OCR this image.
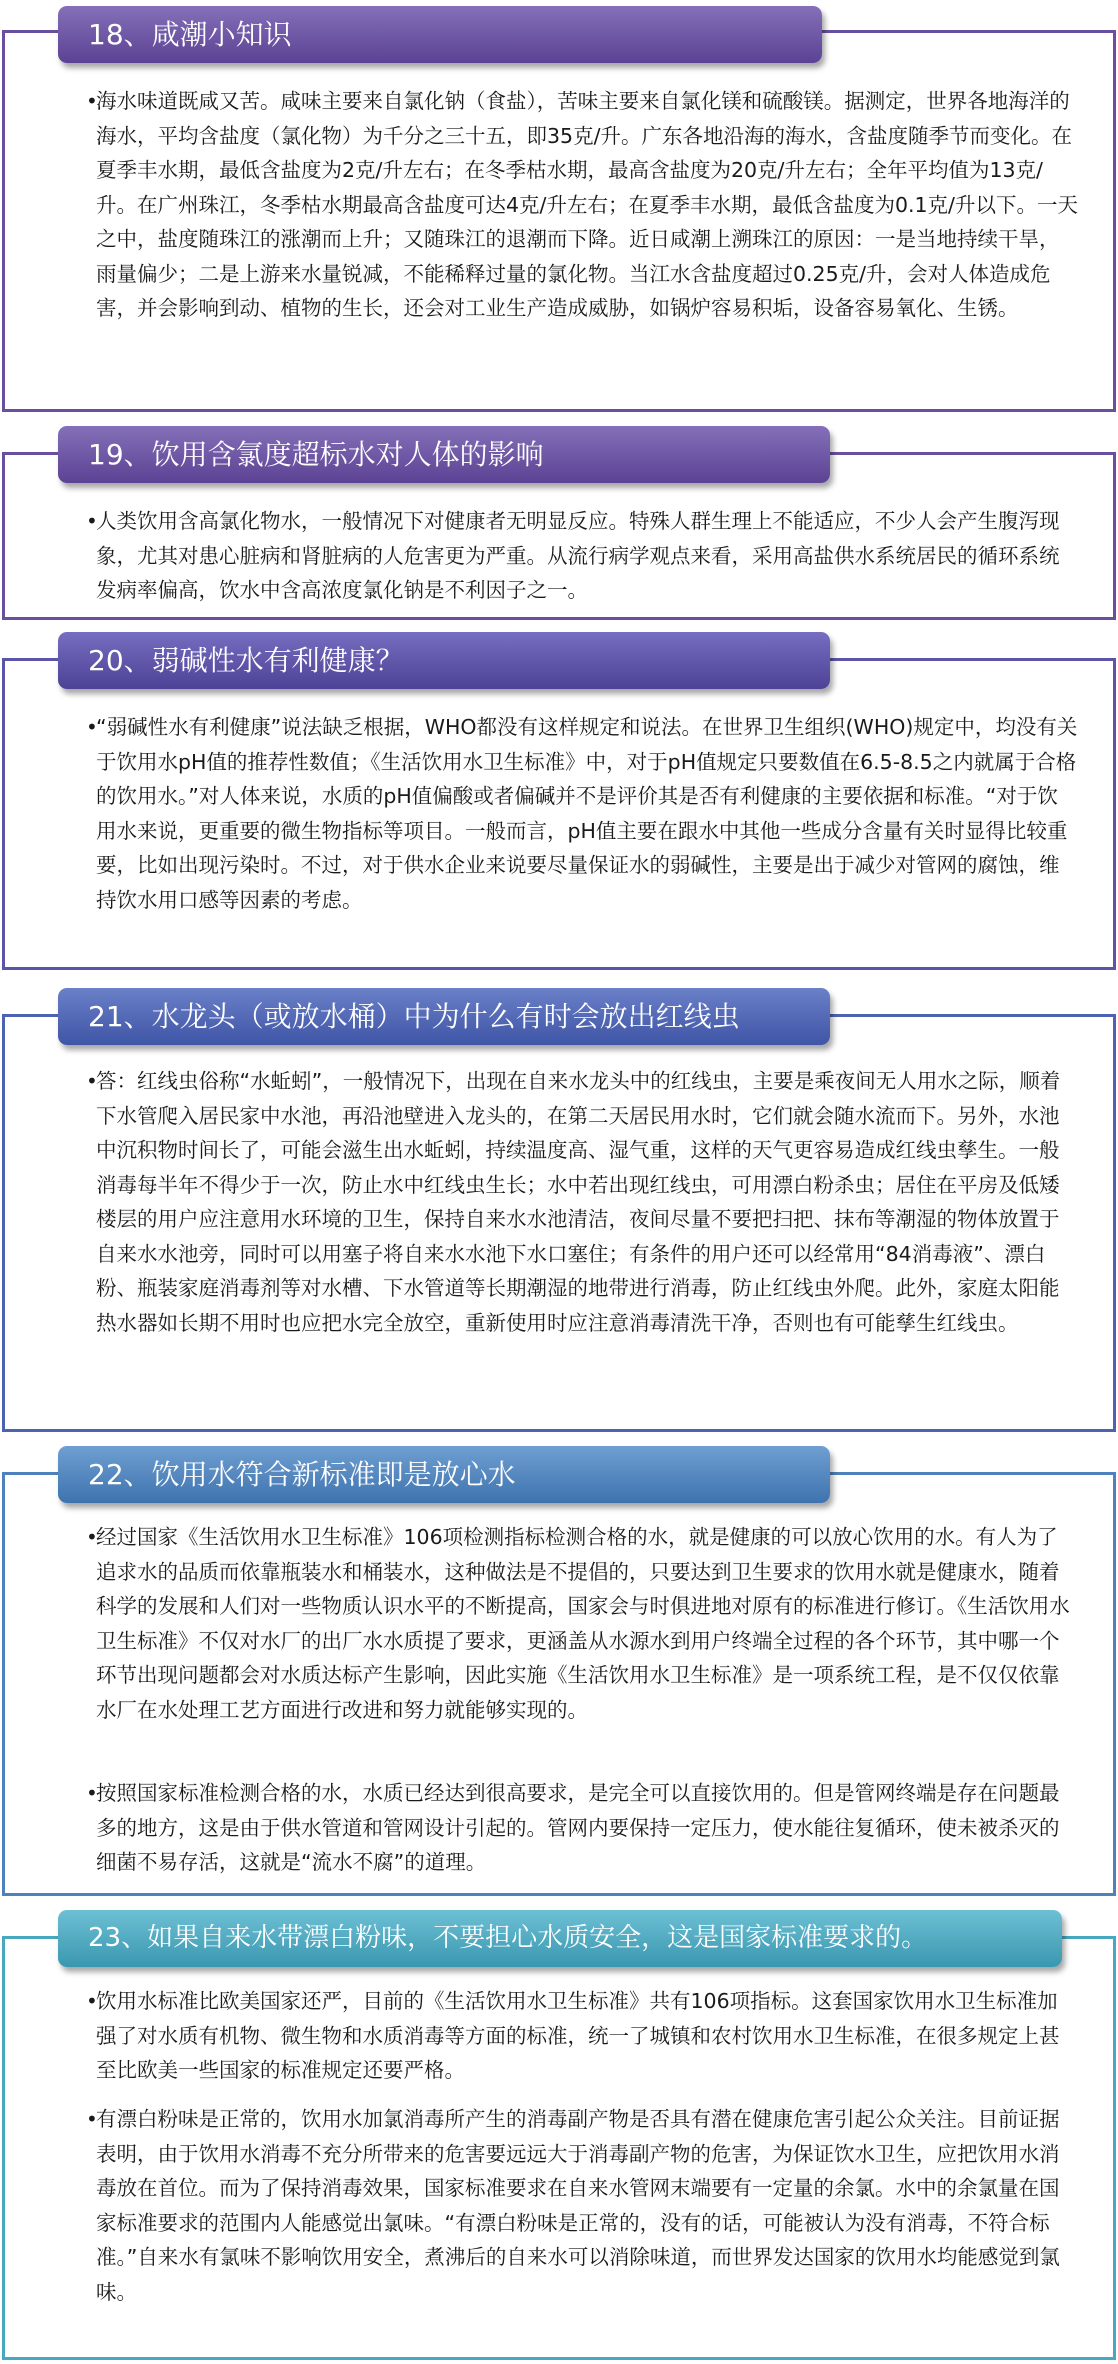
18、咸潮小知识

•
海水味道既咸又苦。咸味主要来自氯化钠（食盐），苦味主要来自氯化镁和硫酸镁。据测定，世界各地海洋的海水，平均含盐度（氯化物）为千分之三十五，即35克/升。广东各地沿海的海水，含盐度随季节而变化。在夏季丰水期，最低含盐度为2克/升左右；在冬季枯水期，最高含盐度为20克/升左右；全年平均值为13克/升。在广州珠江，冬季枯水期最高含盐度可达4克/升左右；在夏季丰水期，最低含盐度为0.1克/升以下。一天之中，盐度随珠江的涨潮而上升；又随珠江的退潮而下降。近日咸潮上溯珠江的原因：一是当地持续干旱，雨量偏少；二是上游来水量锐减，不能稀释过量的氯化物。当江水含盐度超过0.25克/升，会对人体造成危害，并会影响到动、植物的生长，还会对工业生产造成威胁，如锅炉容易积垢，设备容易氧化、生锈。

19、饮用含氯度超标水对人体的影响

•
人类饮用含高氯化物水，一般情况下对健康者无明显反应。特殊人群生理上不能适应，不少人会产生腹泻现象，尤其对患心脏病和肾脏病的人危害更为严重。从流行病学观点来看，采用高盐供水系统居民的循环系统发病率偏高，饮水中含高浓度氯化钠是不利因子之一。

20、弱碱性水有利健康？

•
“弱碱性水有利健康”说法缺乏根据，WHO都没有这样规定和说法。在世界卫生组织(WHO)规定中，均没有关于饮用水pH值的推荐性数值；《生活饮用水卫生标准》中，对于pH值规定只要数值在6.5-8.5之内就属于合格的饮用水。”对人体来说，水质的pH值偏酸或者偏碱并不是评价其是否有利健康的主要依据和标准。“对于饮用水来说，更重要的微生物指标等项目。一般而言，pH值主要在跟水中其他一些成分含量有关时显得比较重要，比如出现污染时。不过，对于供水企业来说要尽量保证水的弱碱性，主要是出于减少对管网的腐蚀，维持饮水用口感等因素的考虑。

21、水龙头（或放水桶）中为什么有时会放出红线虫

•
答：红线虫俗称“水蚯蚓”，一般情况下，出现在自来水龙头中的红线虫，主要是乘夜间无人用水之际，顺着下水管爬入居民家中水池，再沿池壁进入龙头的，在第二天居民用水时，它们就会随水流而下。另外，水池中沉积物时间长了，可能会滋生出水蚯蚓，持续温度高、湿气重，这样的天气更容易造成红线虫孳生。一般消毒每半年不得少于一次，防止水中红线虫生长；水中若出现红线虫，可用漂白粉杀虫；居住在平房及低矮楼层的用户应注意用水环境的卫生，保持自来水水池清洁，夜间尽量不要把扫把、抹布等潮湿的物体放置于自来水水池旁，同时可以用塞子将自来水水池下水口塞住；有条件的用户还可以经常用“84消毒液”、漂白粉、瓶装家庭消毒剂等对水槽、下水管道等长期潮湿的地带进行消毒，防止红线虫外爬。此外，家庭太阳能热水器如长期不用时也应把水完全放空，重新使用时应注意消毒清洗干净，否则也有可能孳生红线虫。

22、饮用水符合新标准即是放心水

•
经过国家《生活饮用水卫生标准》106项检测指标检测合格的水，就是健康的可以放心饮用的水。有人为了追求水的品质而依靠瓶装水和桶装水，这种做法是不提倡的，只要达到卫生要求的饮用水就是健康水，随着科学的发展和人们对一些物质认识水平的不断提高，国家会与时俱进地对原有的标准进行修订。《生活饮用水卫生标准》不仅对水厂的出厂水水质提了要求，更涵盖从水源水到用户终端全过程的各个环节，其中哪一个环节出现问题都会对水质达标产生影响，因此实施《生活饮用水卫生标准》是一项系统工程，是不仅仅依靠水厂在水处理工艺方面进行改进和努力就能够实现的。

•
按照国家标准检测合格的水，水质已经达到很高要求，是完全可以直接饮用的。但是管网终端是存在问题最多的地方，这是由于供水管道和管网设计引起的。管网内要保持一定压力，使水能往复循环，使未被杀灭的细菌不易存活，这就是“流水不腐”的道理。

23、如果自来水带漂白粉味，不要担心水质安全，这是国家标准要求的。

•
饮用水标准比欧美国家还严，目前的《生活饮用水卫生标准》共有106项指标。这套国家饮用水卫生标准加强了对水质有机物、微生物和水质消毒等方面的标准，统一了城镇和农村饮用水卫生标准，在很多规定上甚至比欧美一些国家的标准规定还要严格。

•
有漂白粉味是正常的，饮用水加氯消毒所产生的消毒副产物是否具有潜在健康危害引起公众关注。目前证据表明，由于饮用水消毒不充分所带来的危害要远远大于消毒副产物的危害，为保证饮水卫生，应把饮用水消毒放在首位。而为了保持消毒效果，国家标准要求在自来水管网末端要有一定量的余氯。水中的余氯量在国家标准要求的范围内人能感觉出氯味。“有漂白粉味是正常的，没有的话，可能被认为没有消毒，不符合标准。”自来水有氯味不影响饮用安全，煮沸后的自来水可以消除味道，而世界发达国家的饮用水均能感觉到氯味。
